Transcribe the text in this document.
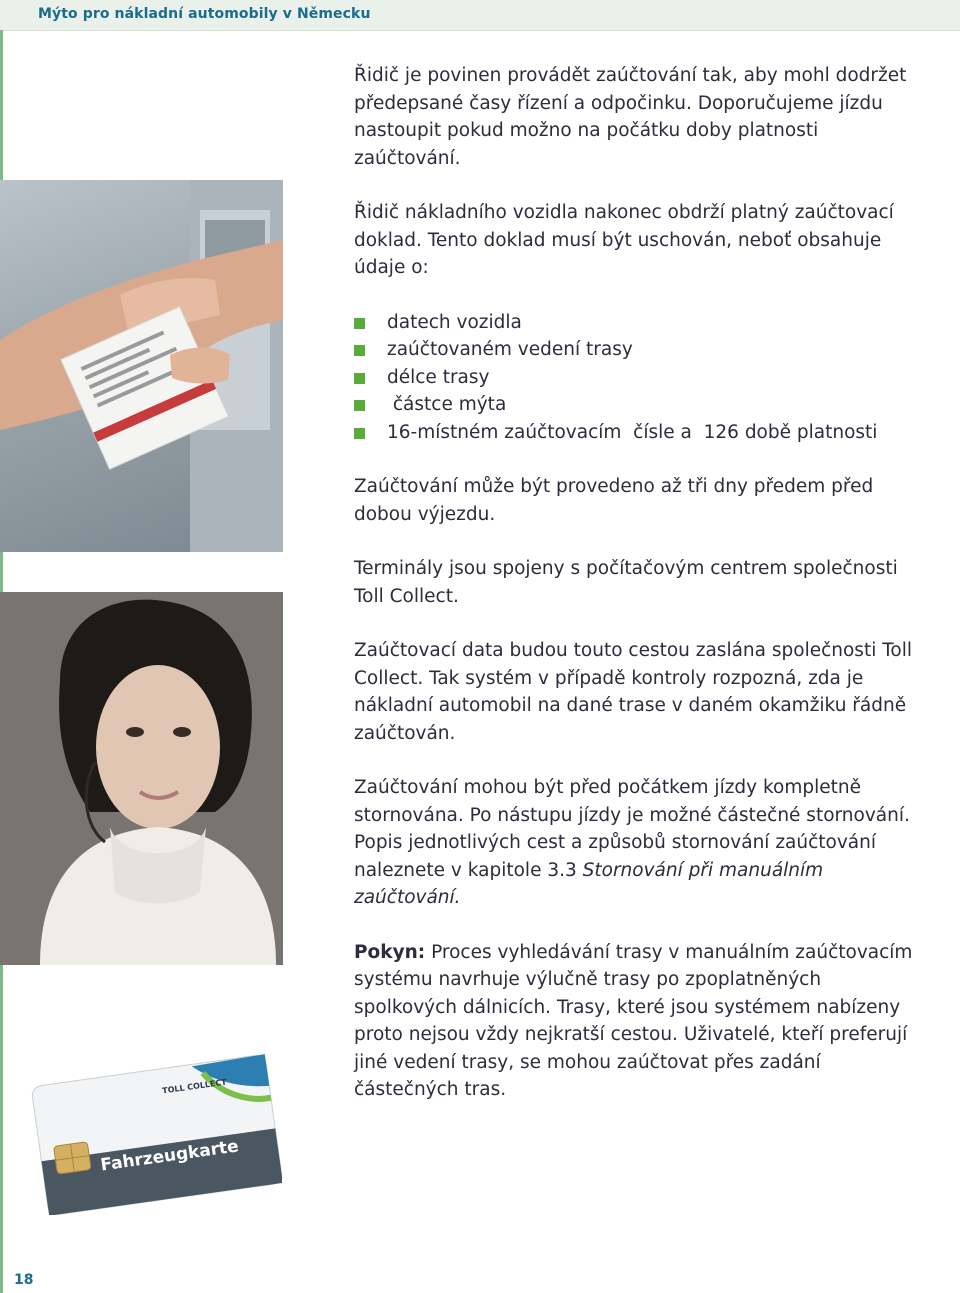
Mýto pro nákladní automobily v Německu
TOLL COLLECT
Fahrzeugkarte

Řidič je povinen provádět zaúčtování tak, aby mohl dodržet předepsané časy řízení a odpočinku. Doporučujeme jízdu nastoupit pokud možno na počátku doby platnosti zaúčtování.

Řidič nákladního vozidla nakonec obdrží platný zaúčtovací doklad. Tento doklad musí být uschován, neboť obsahuje údaje o:

datech vozidla
zaúčtovaném vedení trasy
délce trasy
částce mýta
16-místném zaúčtovacím  čísle a  126 době platnosti

Zaúčtování může být provedeno až tři dny předem před dobou výjezdu.

Terminály jsou spojeny s počítačovým centrem společnosti Toll Collect.

Zaúčtovací data budou touto cestou zaslána společnosti Toll Collect. Tak systém v případě kontroly rozpozná, zda je nákladní automobil na dané trase v daném okamžiku řádně zaúčtován.

Zaúčtování mohou být před počátkem jízdy kompletně stornována. Po nástupu jízdy je možné částečné stornování. Popis jednotlivých cest a způsobů stornování zaúčtování naleznete v kapitole 3.3 Stornování při manuálním zaúčtování.

Pokyn: Proces vyhledávání trasy v manuálním zaúčtovacím systému navrhuje výlučně trasy po zpoplatněných spolkových dálnicích. Trasy, které jsou systémem nabízeny proto nejsou vždy nejkratší cestou. Uživatelé, kteří preferují jiné vedení trasy, se mohou zaúčtovat přes zadání částečných tras.

18
